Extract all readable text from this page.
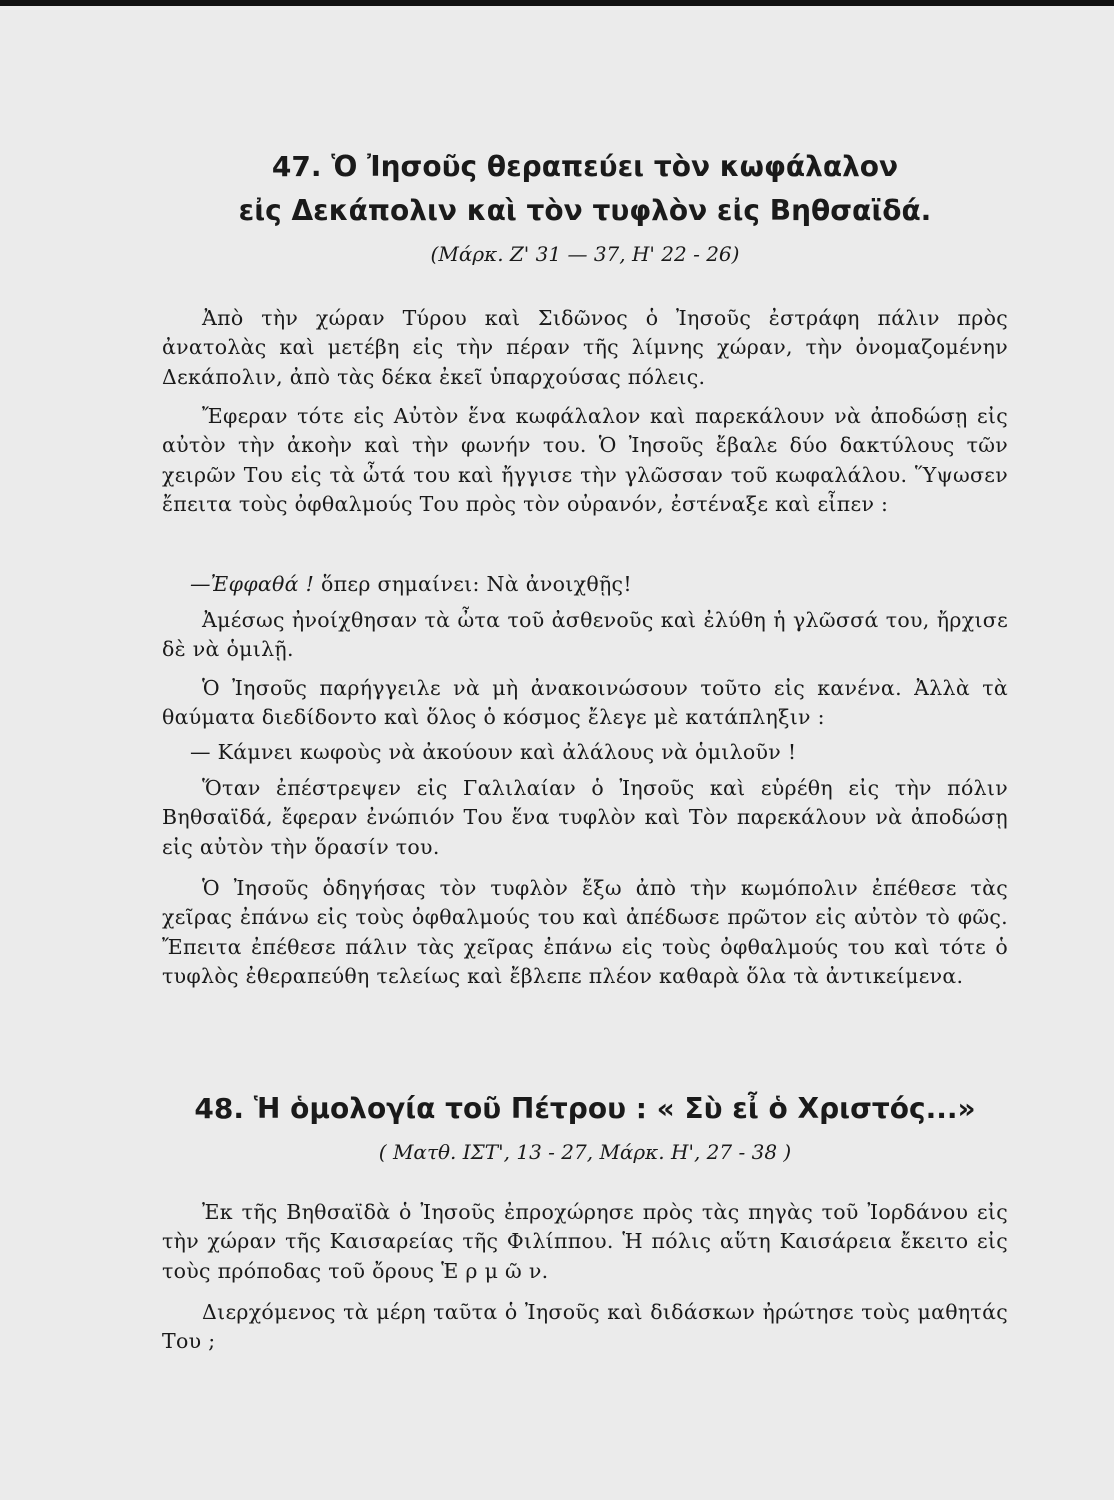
47. Ὁ Ἰησοῦς θεραπεύει τὸν κωφάλαλον
εἰς Δεκάπολιν καὶ τὸν τυφλὸν εἰς Βηθσαϊδά.

(Μάρκ. Ζ' 31 — 37, Η' 22 - 26)

Ἀπὸ τὴν χώραν Τύρου καὶ Σιδῶνος ὁ Ἰησοῦς ἐστράφη πάλιν πρὸς ἀνατολὰς καὶ μετέβη εἰς τὴν πέραν τῆς λίμνης χώραν, τὴν ὀνομαζομένην Δεκάπολιν, ἀπὸ τὰς δέκα ἐκεῖ ὑπαρχούσας πόλεις.

Ἔφεραν τότε εἰς Αὐτὸν ἕνα κωφάλαλον καὶ παρεκάλουν νὰ ἀποδώσῃ εἰς αὐτὸν τὴν ἀκοὴν καὶ τὴν φωνήν του. Ὁ Ἰησοῦς ἔβαλε δύο δακτύλους τῶν χειρῶν Του εἰς τὰ ὦτά του καὶ ἤγγισε τὴν γλῶσσαν τοῦ κωφαλάλου. Ὕψωσεν ἔπειτα τοὺς ὀφθαλμούς Του πρὸς τὸν οὐρανόν, ἐστέναξε καὶ εἶπεν :

—Ἐφφαθά ! ὅπερ σημαίνει: Νὰ ἀνοιχθῇς!

Ἀμέσως ἠνοίχθησαν τὰ ὦτα τοῦ ἀσθενοῦς καὶ ἐλύθη ἡ γλῶσσά του, ἤρχισε δὲ νὰ ὁμιλῇ.

Ὁ Ἰησοῦς παρήγγειλε νὰ μὴ ἀνακοινώσουν τοῦτο εἰς κανένα. Ἀλλὰ τὰ θαύματα διεδίδοντο καὶ ὅλος ὁ κόσμος ἔλεγε μὲ κατάπληξιν :

— Κάμνει κωφοὺς νὰ ἀκούουν καὶ ἀλάλους νὰ ὁμιλοῦν !

Ὅταν ἐπέστρεψεν εἰς Γαλιλαίαν ὁ Ἰησοῦς καὶ εὑρέθη εἰς τὴν πόλιν Βηθσαϊδά, ἔφεραν ἐνώπιόν Του ἕνα τυφλὸν καὶ Τὸν παρεκάλουν νὰ ἀποδώσῃ εἰς αὐτὸν τὴν ὅρασίν του.

Ὁ Ἰησοῦς ὁδηγήσας τὸν τυφλὸν ἔξω ἀπὸ τὴν κωμόπολιν ἐπέθεσε τὰς χεῖρας ἐπάνω εἰς τοὺς ὀφθαλμούς του καὶ ἀπέδωσε πρῶτον εἰς αὐτὸν τὸ φῶς. Ἔπειτα ἐπέθεσε πάλιν τὰς χεῖρας ἐπάνω εἰς τοὺς ὀφθαλμούς του καὶ τότε ὁ τυφλὸς ἐθεραπεύθη τελείως καὶ ἔβλεπε πλέον καθαρὰ ὅλα τὰ ἀντικείμενα.

48. Ἡ ὁμολογία τοῦ Πέτρου : « Σὺ εἶ ὁ Χριστός...»

( Ματθ. ΙΣΤ', 13 - 27, Μάρκ. Η', 27 - 38 )

Ἐκ τῆς Βηθσαϊδὰ ὁ Ἰησοῦς ἐπροχώρησε πρὸς τὰς πηγὰς τοῦ Ἰορδάνου εἰς τὴν χώραν τῆς Καισαρείας τῆς Φιλίππου. Ἡ πόλις αὕτη Καισάρεια ἔκειτο εἰς τοὺς πρόποδας τοῦ ὄρους Ἑ ρ μ ῶ ν.

Διερχόμενος τὰ μέρη ταῦτα ὁ Ἰησοῦς καὶ διδάσκων ἠρώτησε τοὺς μαθητάς Του ;
